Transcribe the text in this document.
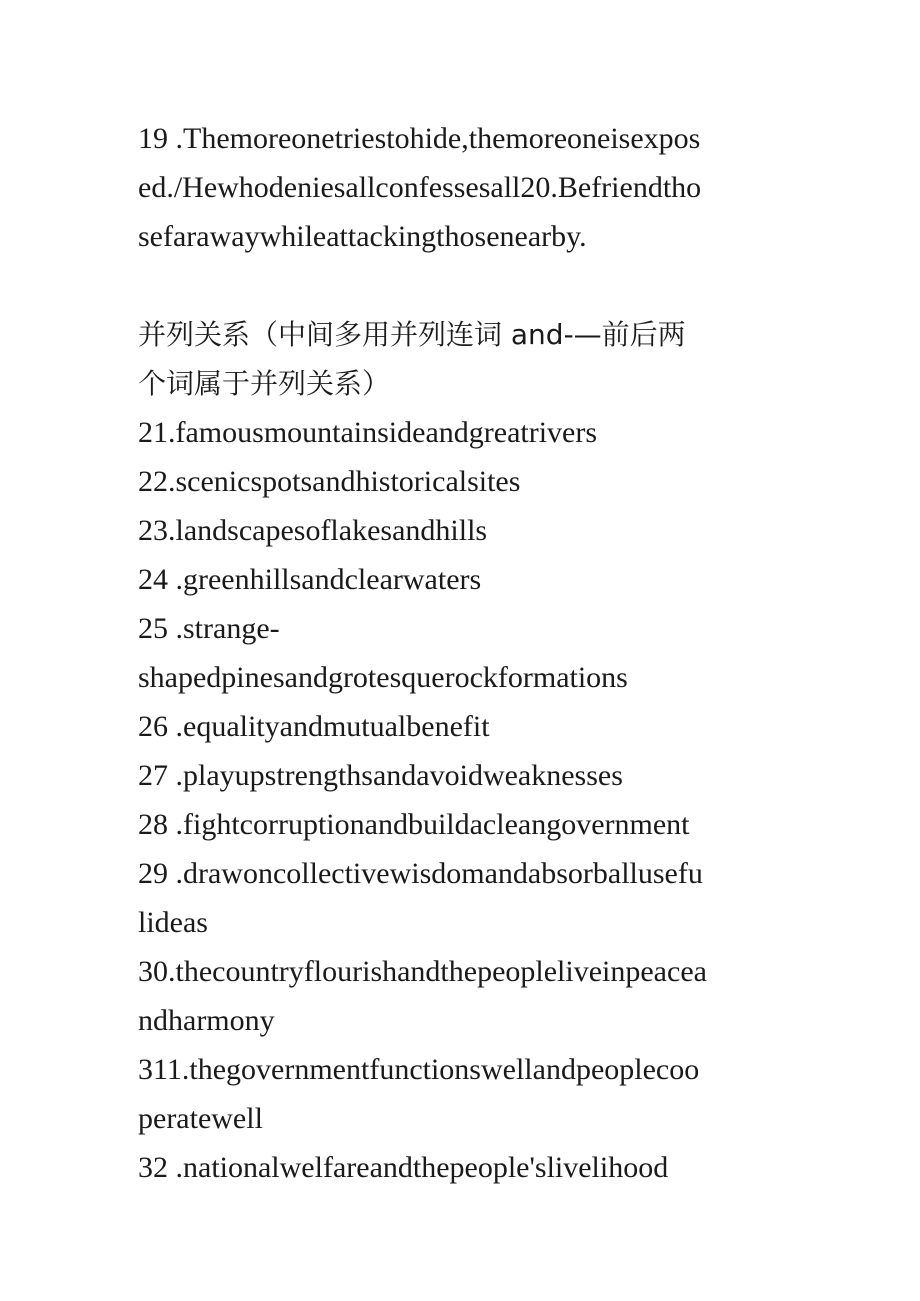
19 .Themoreonetriestohide,themoreoneisexpos
ed./Hewhodeniesallconfessesall20.Befriendtho
sefarawaywhileattackingthosenearby.

并列关系（中间多用并列连词 and-—前后两
个词属于并列关系）

21.famousmountainsideandgreatrivers

22.scenicspotsandhistoricalsites

23.landscapesoflakesandhills

24 .greenhillsandclearwaters

25 .strange-
shapedpinesandgrotesquerockformations

26 .equalityandmutualbenefit

27 .playupstrengthsandavoidweaknesses

28 .fightcorruptionandbuildacleangovernment

29 .drawoncollectivewisdomandabsorballusefu
lideas

30.thecountryflourishandthepeopleliveinpeacea
ndharmony

311.thegovernmentfunctionswellandpeoplecoo
peratewell

32 .nationalwelfareandthepeople'slivelihood
